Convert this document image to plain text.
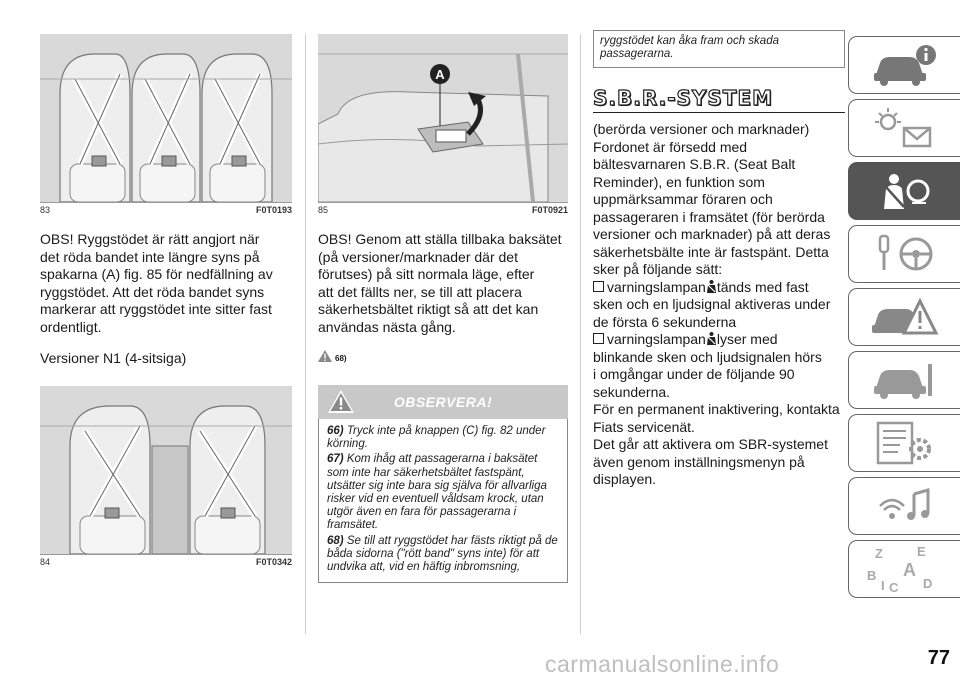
83	F0T0193

OBS! Ryggstödet är rätt angjort när
det röda bandet inte längre syns på
spakarna (A) fig. 85 för nedfällning av
ryggstödet. Att det röda bandet syns
markerar att ryggstödet inte sitter fast
ordentligt.

Versioner N1 (4-sitsiga)

84	F0T0342
A
85	F0T0921

OBS! Genom att ställa tillbaka baksätet
(på versioner/marknader där det
förutses) på sitt normala läge, efter
att det fällts ner, se till att placera
säkerhetsbältet riktigt så att det kan
användas nästa gång.

68)
OBSERVERA!
66) Tryck inte på knappen (C) fig. 82 under körning.
67) Kom ihåg att passagerarna i baksätet som inte har säkerhetsbältet fastspänt, utsätter sig inte bara sig själva för allvarliga risker vid en eventuell våldsam krock, utan utgör även en fara för passagerarna i framsätet.
68) Se till att ryggstödet har fästs riktigt på de båda sidorna ("rött band" syns inte) för att undvika att, vid en häftig inbromsning,
ryggstödet kan åka fram och skada
passagerarna.
S.B.R.-SYSTEM

(berörda versioner och marknader)
Fordonet är försedd med
bältesvarnaren S.B.R. (Seat Balt
Reminder), en funktion som
uppmärksammar föraren och
passageraren i framsätet (för berörda
versioner och marknader) på att deras
säkerhetsbälte inte är fastspänt. Detta
sker på följande sätt:

varningslampan tänds med fast
sken och en ljudsignal aktiveras under
de första 6 sekunderna

varningslampan lyser med
blinkande sken och ljudsignalen hörs
i omgångar under de följande 90
sekunderna.

För en permanent inaktivering, kontakta
Fiats servicenät.
Det går att aktivera om SBR-systemet
även genom inställningsmenyn på
displayen.

Z	E
A
B
C D
I
carmanualsonline.info	77
